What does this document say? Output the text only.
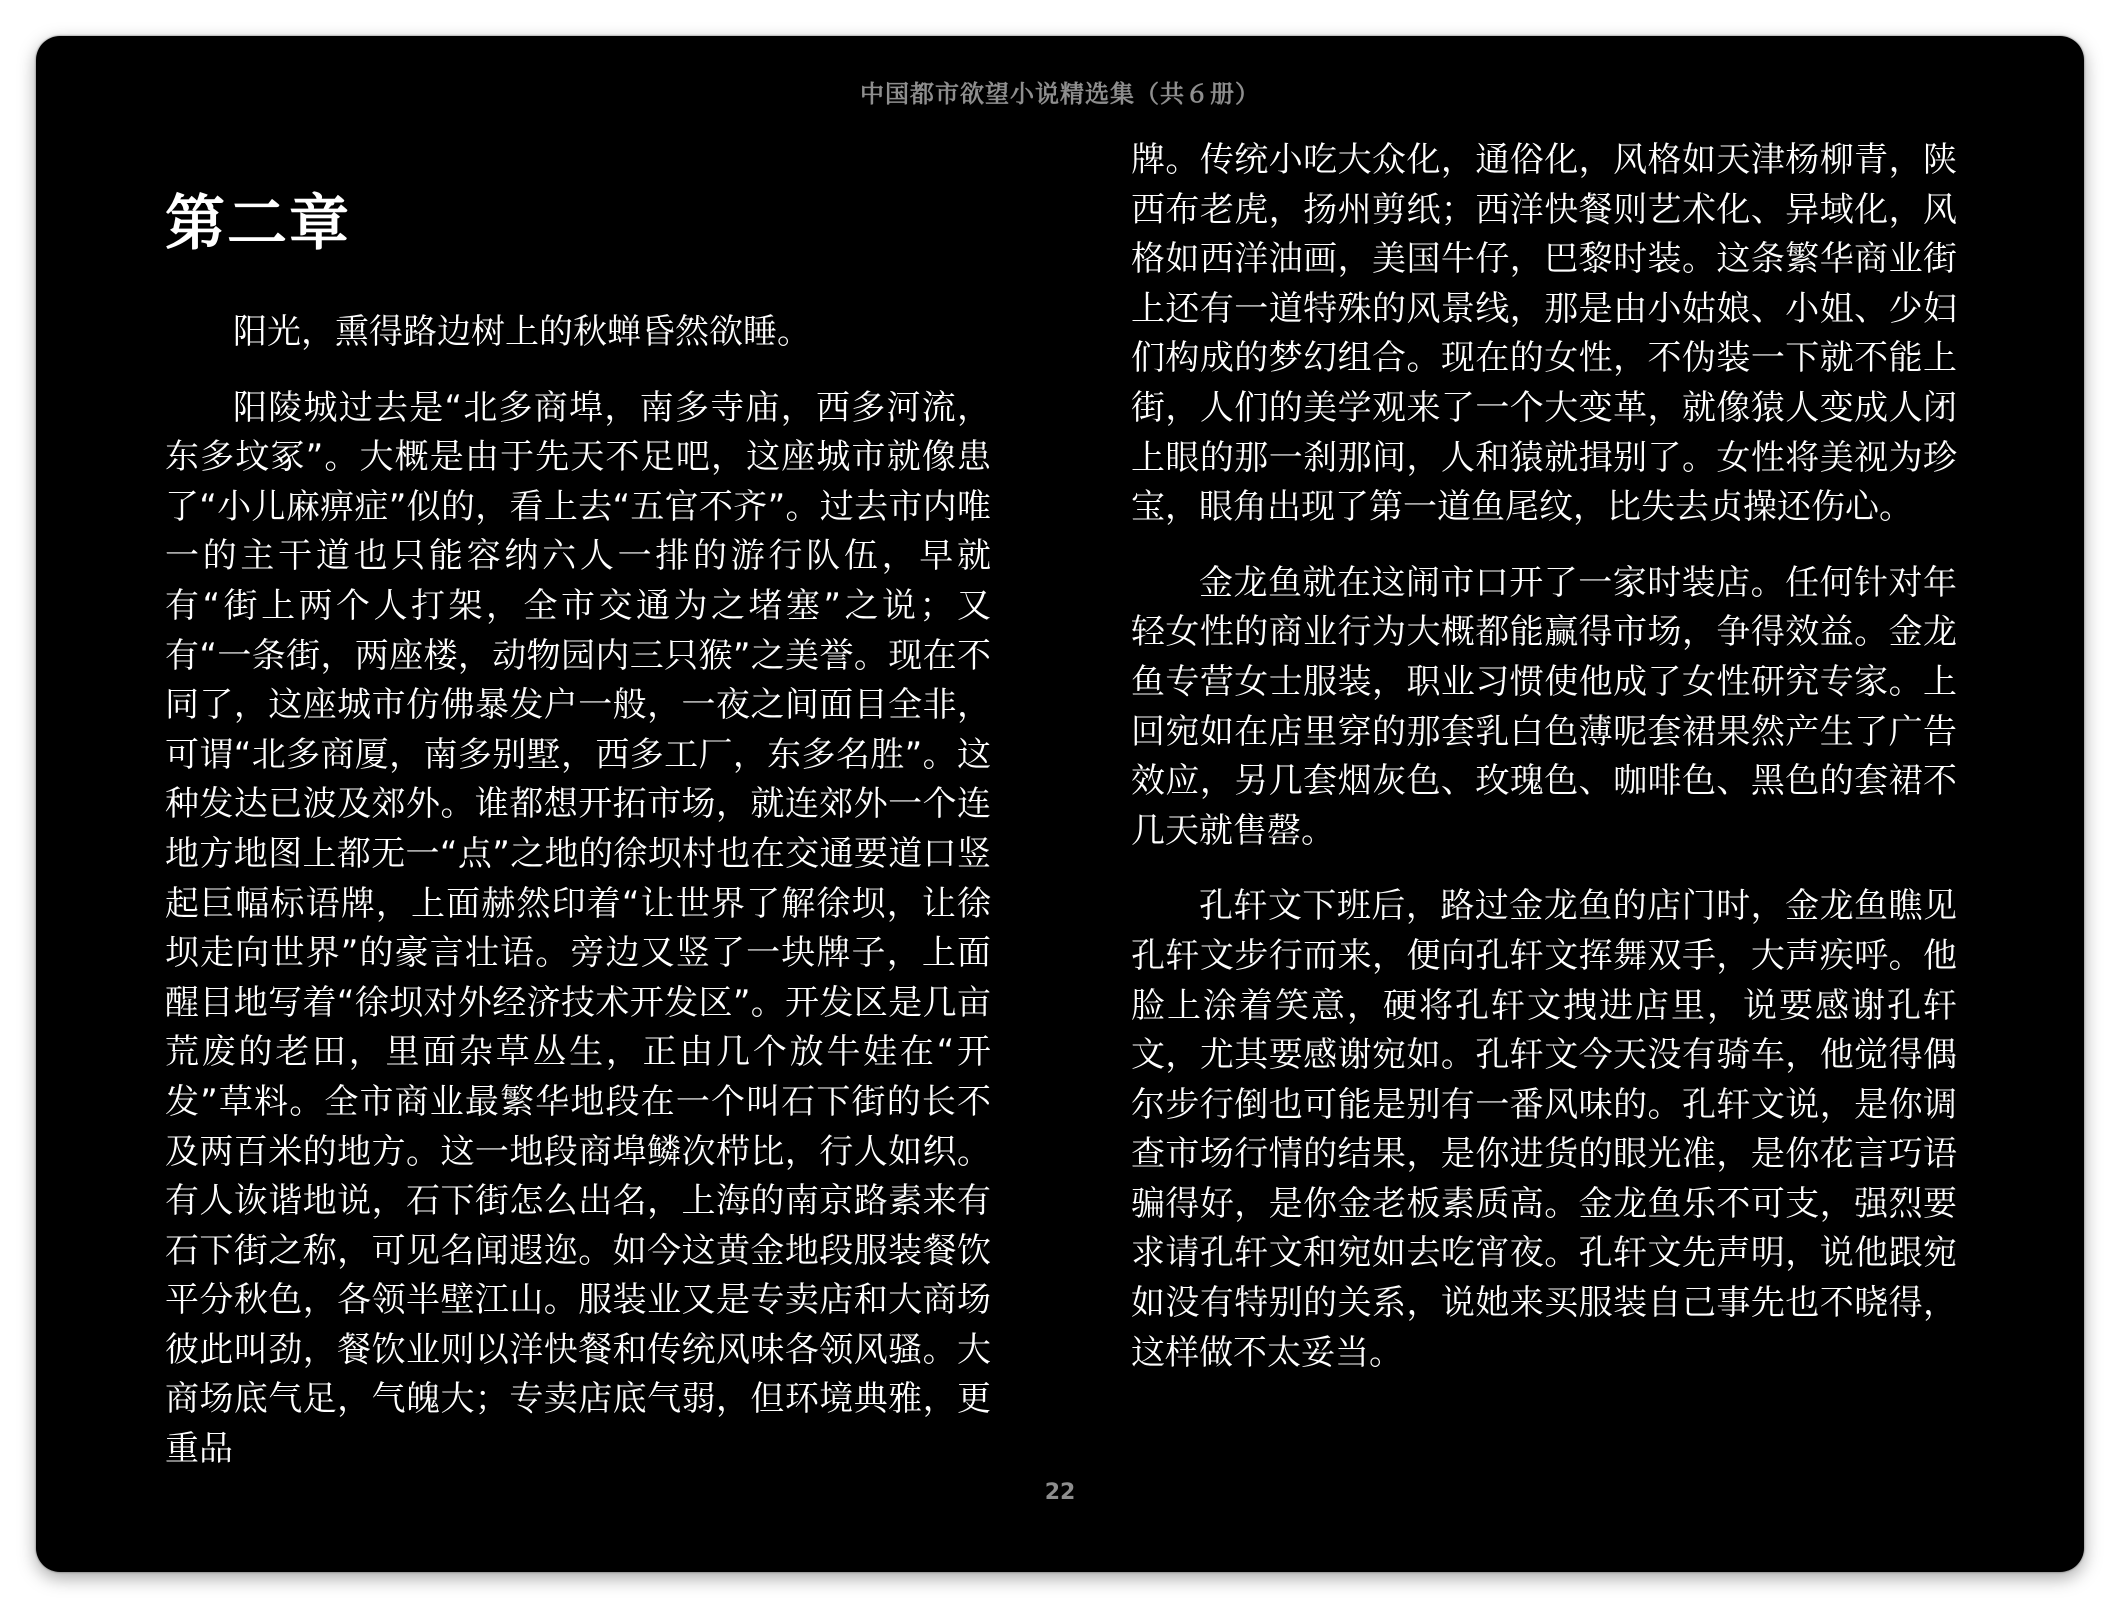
中国都市欲望小说精选集（共６册）
第二章

阳光，熏得路边树上的秋蝉昏然欲睡。

阳陵城过去是“北多商埠，南多寺庙，西多河流，东多坟冢”。大概是由于先天不足吧，这座城市就像患了“小儿麻痹症”似的，看上去“五官不齐”。过去市内唯一的主干道也只能容纳六人一排的游行队伍，早就有“街上两个人打架，全市交通为之堵塞”之说；又有“一条街，两座楼，动物园内三只猴”之美誉。现在不同了，这座城市仿佛暴发户一般，一夜之间面目全非，可谓“北多商厦，南多别墅，西多工厂，东多名胜”。这种发达已波及郊外。谁都想开拓市场，就连郊外一个连地方地图上都无一“点”之地的徐坝村也在交通要道口竖起巨幅标语牌，上面赫然印着“让世界了解徐坝，让徐坝走向世界”的豪言壮语。旁边又竖了一块牌子，上面醒目地写着“徐坝对外经济技术开发区”。开发区是几亩荒废的老田，里面杂草丛生，正由几个放牛娃在“开发”草料。全市商业最繁华地段在一个叫石下街的长不及两百米的地方。这一地段商埠鳞次栉比，行人如织。有人诙谐地说，石下街怎么出名，上海的南京路素来有石下街之称，可见名闻遐迩。如今这黄金地段服装餐饮平分秋色，各领半壁江山。服装业又是专卖店和大商场彼此叫劲，餐饮业则以洋快餐和传统风味各领风骚。大商场底气足，气魄大；专卖店底气弱，但环境典雅，更重品

牌。传统小吃大众化，通俗化，风格如天津杨柳青，陕西布老虎，扬州剪纸；西洋快餐则艺术化、异域化，风格如西洋油画，美国牛仔，巴黎时装。这条繁华商业街上还有一道特殊的风景线，那是由小姑娘、小姐、少妇们构成的梦幻组合。现在的女性，不伪装一下就不能上街，人们的美学观来了一个大变革，就像猿人变成人闭上眼的那一刹那间，人和猿就揖别了。女性将美视为珍宝，眼角出现了第一道鱼尾纹，比失去贞操还伤心。

金龙鱼就在这闹市口开了一家时装店。任何针对年轻女性的商业行为大概都能赢得市场，争得效益。金龙鱼专营女士服装，职业习惯使他成了女性研究专家。上回宛如在店里穿的那套乳白色薄呢套裙果然产生了广告效应，另几套烟灰色、玫瑰色、咖啡色、黑色的套裙不几天就售罄。

孔轩文下班后，路过金龙鱼的店门时，金龙鱼瞧见孔轩文步行而来，便向孔轩文挥舞双手，大声疾呼。他脸上涂着笑意，硬将孔轩文拽进店里，说要感谢孔轩文，尤其要感谢宛如。孔轩文今天没有骑车，他觉得偶尔步行倒也可能是别有一番风味的。孔轩文说，是你调查市场行情的结果，是你进货的眼光准，是你花言巧语骗得好，是你金老板素质高。金龙鱼乐不可支，强烈要求请孔轩文和宛如去吃宵夜。孔轩文先声明，说他跟宛如没有特别的关系，说她来买服装自己事先也不晓得，这样做不太妥当。

22
